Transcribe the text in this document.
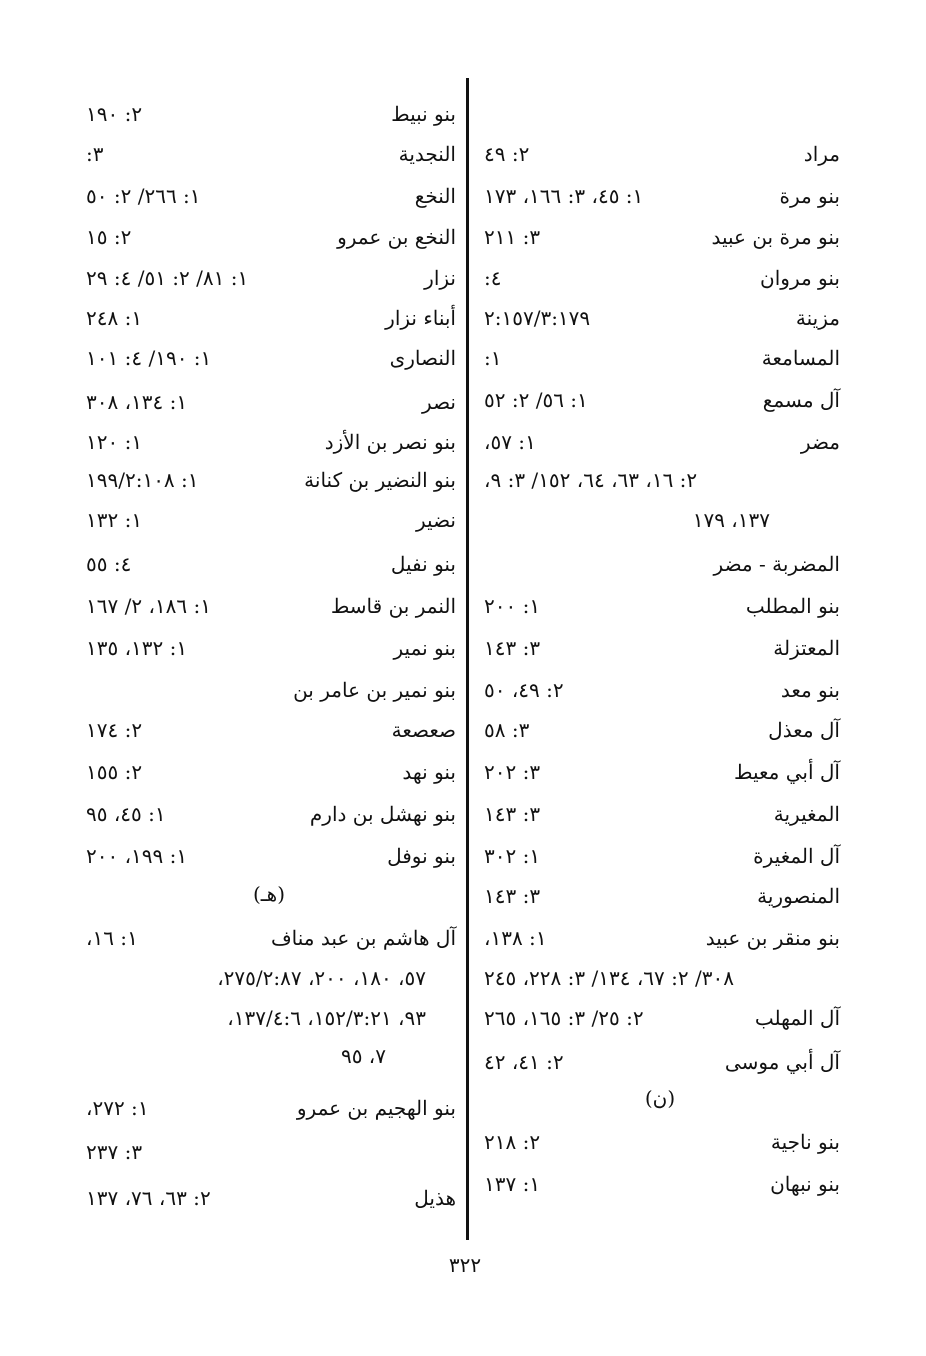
بنو نبيط
٢: ١٩٠
النجدية
٣:
النخع
١: ٢٦٦/ ٢: ٥٠
النخع بن عمرو
٢: ١٥
نزار
١: ٨١/ ٢: ٥١/ ٤: ٢٩
أبناء نزار
١: ٢٤٨
النصارى
١: ١٩٠/ ٤: ١٠١
نصر
١: ١٣٤، ٣٠٨
بنو نصر بن الأزد
١: ١٢٠
بنو النضير بن كنانة
١: ١٩٩/٢:١٠٨
نضير
١: ١٣٢
بنو نفيل
٤: ٥٥
النمر بن قاسط
١: ١٨٦، ٢/ ١٦٧
بنو نمير
١: ١٣٢، ١٣٥
بنو نمير بن عامر بن
صعصعة
٢: ١٧٤
بنو نهد
٢: ١٥٥
بنو نهشل بن دارم
١: ٤٥، ٩٥
بنو نوفل
١: ١٩٩، ٢٠٠
(هـ)
آل هاشم بن عبد مناف
١: ١٦،
٥٧، ١٨٠، ٢٠٠، ٢٧٥/٢:٨٧،
٩٣، ١٥٢/٣:٢١، ١٣٧/٤:٦،
٧، ٩٥
بنو الهجيم بن عمرو
١: ٢٧٢،
٣: ٢٣٧
هذيل
٢: ٦٣، ٧٦، ١٣٧
مراد
٢: ٤٩
بنو مرة
١: ٤٥، ٣: ١٦٦، ١٧٣
بنو مرة بن عبيد
٣: ٢١١
بنو مروان
٤:
مزينة
٢:١٥٧/٣:١٧٩
المسامعة
١:
آل مسمع
١: ٥٦/ ٢: ٥٢
مضر
١: ٥٧،
٢: ١٦، ٦٣، ٦٤، ١٥٢/ ٣: ٩،
١٣٧، ١٧٩
المضربة - مضر
بنو المطلب
١: ٢٠٠
المعتزلة
٣: ١٤٣
بنو معد
٢: ٤٩، ٥٠
آل معذل
٣: ٥٨
آل أبي معيط
٣: ٢٠٢
المغيرية
٣: ١٤٣
آل المغيرة
١: ٣٠٢
المنصورية
٣: ١٤٣
بنو منقر بن عبيد
١: ١٣٨،
٣٠٨/ ٢: ٦٧، ١٣٤/ ٣: ٢٢٨، ٢٤٥
آل المهلب
٢: ٢٥/ ٣: ١٦٥، ٢٦٥
آل أبي موسى
٢: ٤١، ٤٢
(ن)
بنو ناجية
٢: ٢١٨
بنو نبهان
١: ١٣٧
٣٢٢
